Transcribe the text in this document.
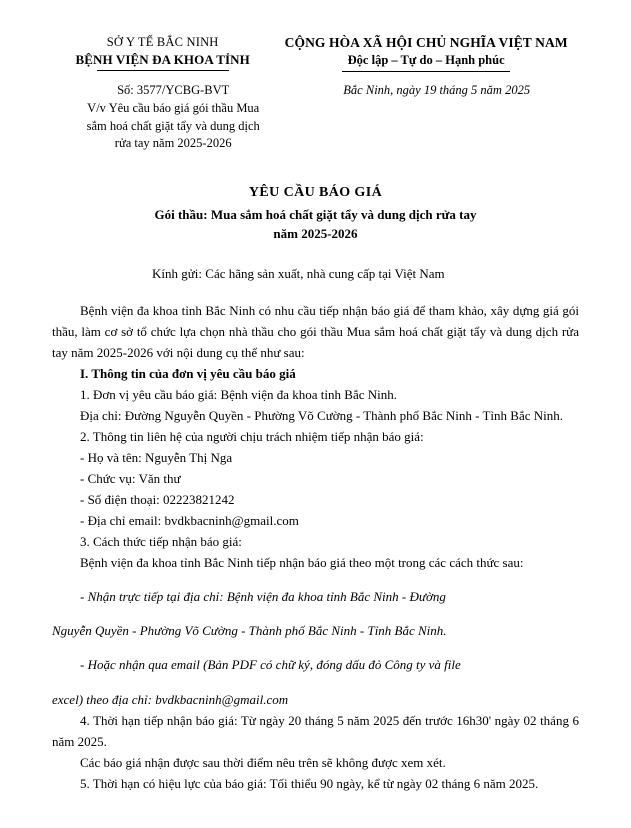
SỞ Y TẾ BẮC NINH
BỆNH VIỆN ĐA KHOA TỈNH
CỘNG HÒA XÃ HỘI CHỦ NGHĨA VIỆT NAM
Độc lập – Tự do – Hạnh phúc
Số: 3577/YCBG-BVT
V/v Yêu cầu báo giá gói thầu Mua
sắm hoá chất giặt tẩy và dung dịch
rửa tay năm 2025-2026
Bắc Ninh, ngày 19 tháng 5 năm 2025
YÊU CẦU BÁO GIÁ
Gói thầu: Mua sắm hoá chất giặt tẩy và dung dịch rửa tay
năm 2025-2026
Kính gửi: Các hãng sản xuất, nhà cung cấp tại Việt Nam

Bệnh viện đa khoa tỉnh Bắc Ninh có nhu cầu tiếp nhận báo giá để tham khảo, xây dựng giá gói thầu, làm cơ sở tổ chức lựa chọn nhà thầu cho gói thầu Mua sắm hoá chất giặt tẩy và dung dịch rửa tay năm 2025-2026 với nội dung cụ thể như sau:

I. Thông tin của đơn vị yêu cầu báo giá

1. Đơn vị yêu cầu báo giá: Bệnh viện đa khoa tỉnh Bắc Ninh.

Địa chỉ: Đường Nguyễn Quyền - Phường Võ Cường - Thành phố Bắc Ninh - Tỉnh Bắc Ninh.

2. Thông tin liên hệ của người chịu trách nhiệm tiếp nhận báo giá:

- Họ và tên: Nguyễn Thị Nga

- Chức vụ: Văn thư

- Số điện thoại: 02223821242

- Địa chỉ email: bvdkbacninh@gmail.com

3. Cách thức tiếp nhận báo giá:

Bệnh viện đa khoa tỉnh Bắc Ninh tiếp nhận báo giá theo một trong các cách thức sau:

- Nhận trực tiếp tại địa chỉ: Bệnh viện đa khoa tỉnh Bắc Ninh - Đường

Nguyễn Quyền - Phường Võ Cường - Thành phố Bắc Ninh - Tỉnh Bắc Ninh.

- Hoặc nhận qua email (Bản PDF có chữ ký, đóng dấu đỏ Công ty và file

excel) theo địa chỉ: bvdkbacninh@gmail.com

4. Thời hạn tiếp nhận báo giá: Từ ngày 20 tháng 5 năm 2025 đến trước 16h30' ngày 02 tháng 6 năm 2025.

Các báo giá nhận được sau thời điểm nêu trên sẽ không được xem xét.

5. Thời hạn có hiệu lực của báo giá: Tối thiểu 90 ngày, kể từ ngày 02 tháng 6 năm 2025.
